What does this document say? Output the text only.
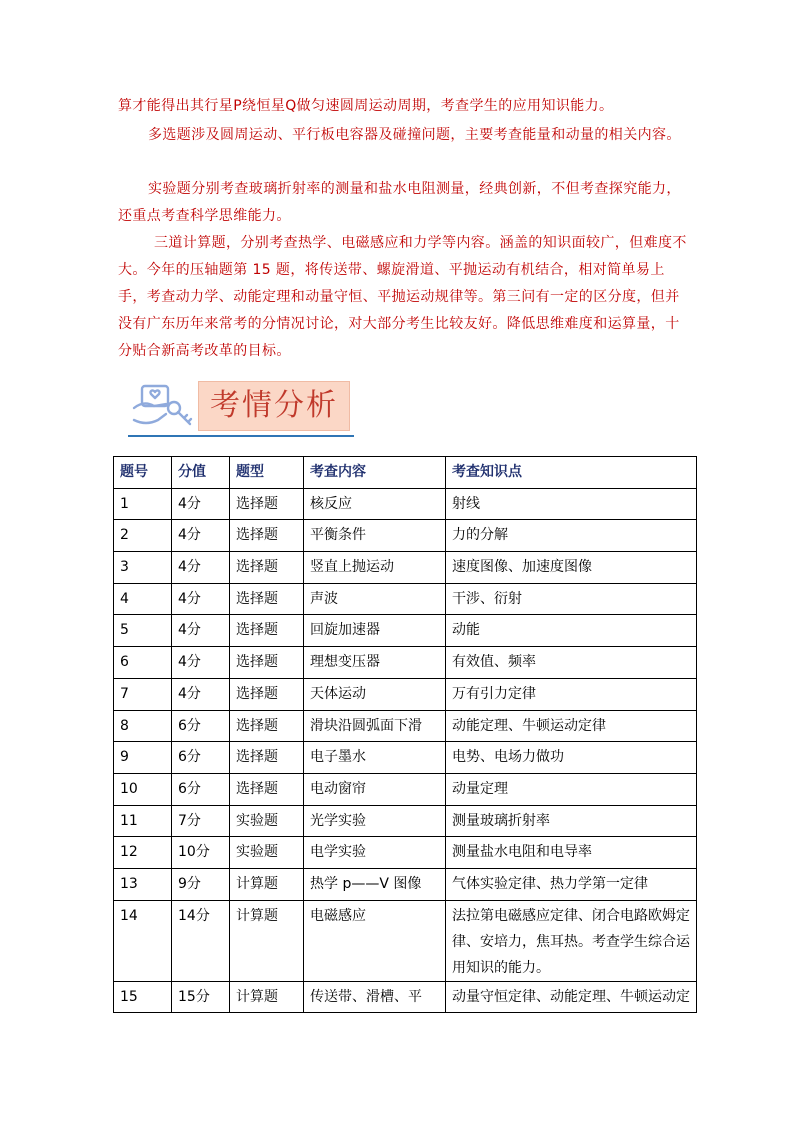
算才能得出其行星P绕恒星Q做匀速圆周运动周期，考查学生的应用知识能力。

多选题涉及圆周运动、平行板电容器及碰撞问题，主要考查能量和动量的相关内容。

实验题分别考查玻璃折射率的测量和盐水电阻测量，经典创新，不但考查探究能力，还重点考查科学思维能力。

三道计算题，分别考查热学、电磁感应和力学等内容。涵盖的知识面较广，但难度不大。今年的压轴题第 15 题，将传送带、螺旋滑道、平抛运动有机结合，相对简单易上手，考查动力学、动能定理和动量守恒、平抛运动规律等。第三问有一定的区分度，但并没有广东历年来常考的分情况讨论，对大部分考生比较友好。降低思维难度和运算量，十分贴合新高考改革的目标。

考情分析
题号	分值	题型	考查内容	考查知识点
1	4分	选择题	核反应	射线
2	4分	选择题	平衡条件	力的分解
3	4分	选择题	竖直上抛运动	速度图像、加速度图像
4	4分	选择题	声波	干涉、衍射
5	4分	选择题	回旋加速器	动能
6	4分	选择题	理想变压器	有效值、频率
7	4分	选择题	天体运动	万有引力定律
8	6分	选择题	滑块沿圆弧面下滑	动能定理、牛顿运动定律
9	6分	选择题	电子墨水	电势、电场力做功
10	6分	选择题	电动窗帘	动量定理
11	7分	实验题	光学实验	测量玻璃折射率
12	10分	实验题	电学实验	测量盐水电阻和电导率
13	9分	计算题	热学 p——V 图像	气体实验定律、热力学第一定律
14	14分	计算题	电磁感应	法拉第电磁感应定律、闭合电路欧姆定律、安培力，焦耳热。考查学生综合运用知识的能力。
15	15分	计算题	传送带、滑槽、平	动量守恒定律、动能定理、牛顿运动定
